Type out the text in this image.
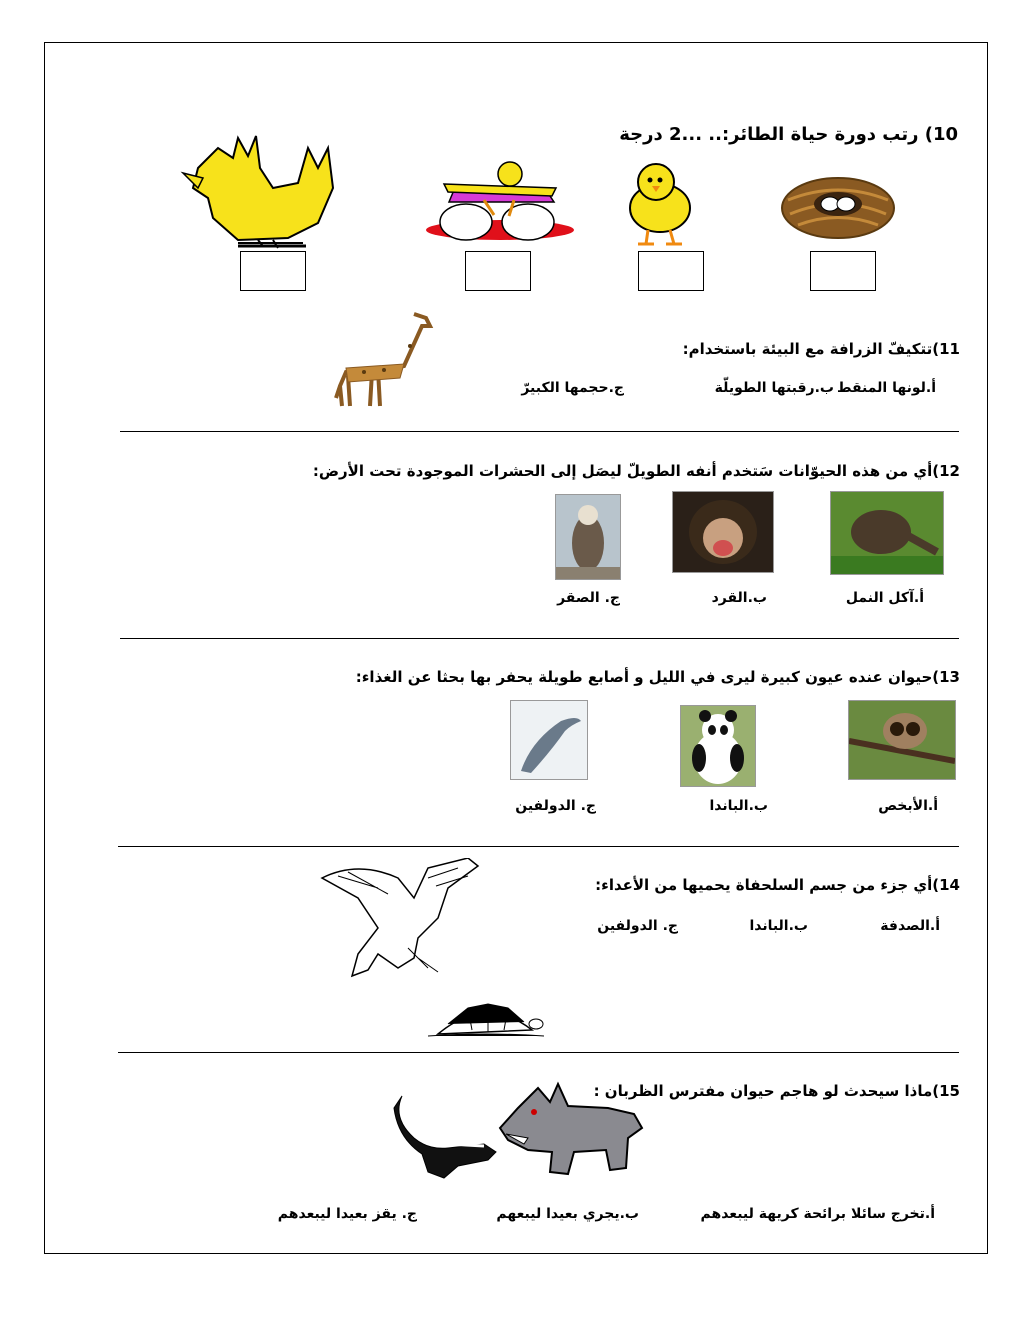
10) رتب دورة حياة الطائر:.. ...2 درجة
11)تتكيفّ الزرافة مع البيئة باستخدام:
أ.لونها المنقط
ب.رقبتها الطويلّة
ج.حجمها الكبيرّ
12)أي من هذه الحيوّانات سَتخدم أنفه الطويلّ ليصَل إلى الحشرات الموجودة تحت الأرض:
أ.آكل النمل
ب.القرد
ج. الصقر
13)حيوان عنده عيون كبيرة ليرى في الليل و أصابع طويلة يحفر بها بحثا عن الغذاء:
أ.الأبخص
ب.الباندا
ج. الدولفين
14)أي جزء من جسم السلحفاة يحميها من الأعداء:
أ.الصدفة
ب.الباندا
ج. الدولفين
15)ماذا سيحدث لو هاجم حيوان مفترس الظربان :
أ.تخرج سائلا برائحة كريهة ليبعدهم
ب.يجري بعيدا ليبعهم
ج. يقز بعيدا ليبعدهم
